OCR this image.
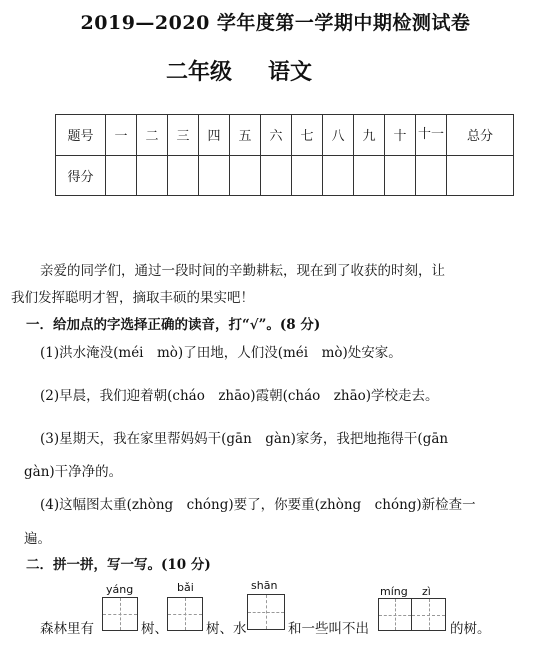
2019—2020 学年度第一学期中期检测试卷
二年级 语文
题号	一	二	三	四	五	六	七	八	九	十	十一	总分
得分												
亲爱的同学们，通过一段时间的辛勤耕耘，现在到了收获的时刻，让
我们发挥聪明才智，摘取丰硕的果实吧！
一．给加点的字选择正确的读音，打“√”。(8 分)
(1)洪水淹没(méi　mò)了田地，人们没(méi　mò)处安家。
(2)早晨，我们迎着朝(cháo　zhāo)霞朝(cháo　zhāo)学校走去。
(3)星期天，我在家里帮妈妈干(gān　gàn)家务，我把地拖得干(gān
gàn)干净净的。
(4)这幅图太重(zhòng　chóng)要了，你要重(zhòng　chóng)新检查一
遍。
二．拼一拼，写一写。(10 分)
yáng	bǎi	shān	míng zì
森林里有	树、	树、水	和一些叫不出	的树。
